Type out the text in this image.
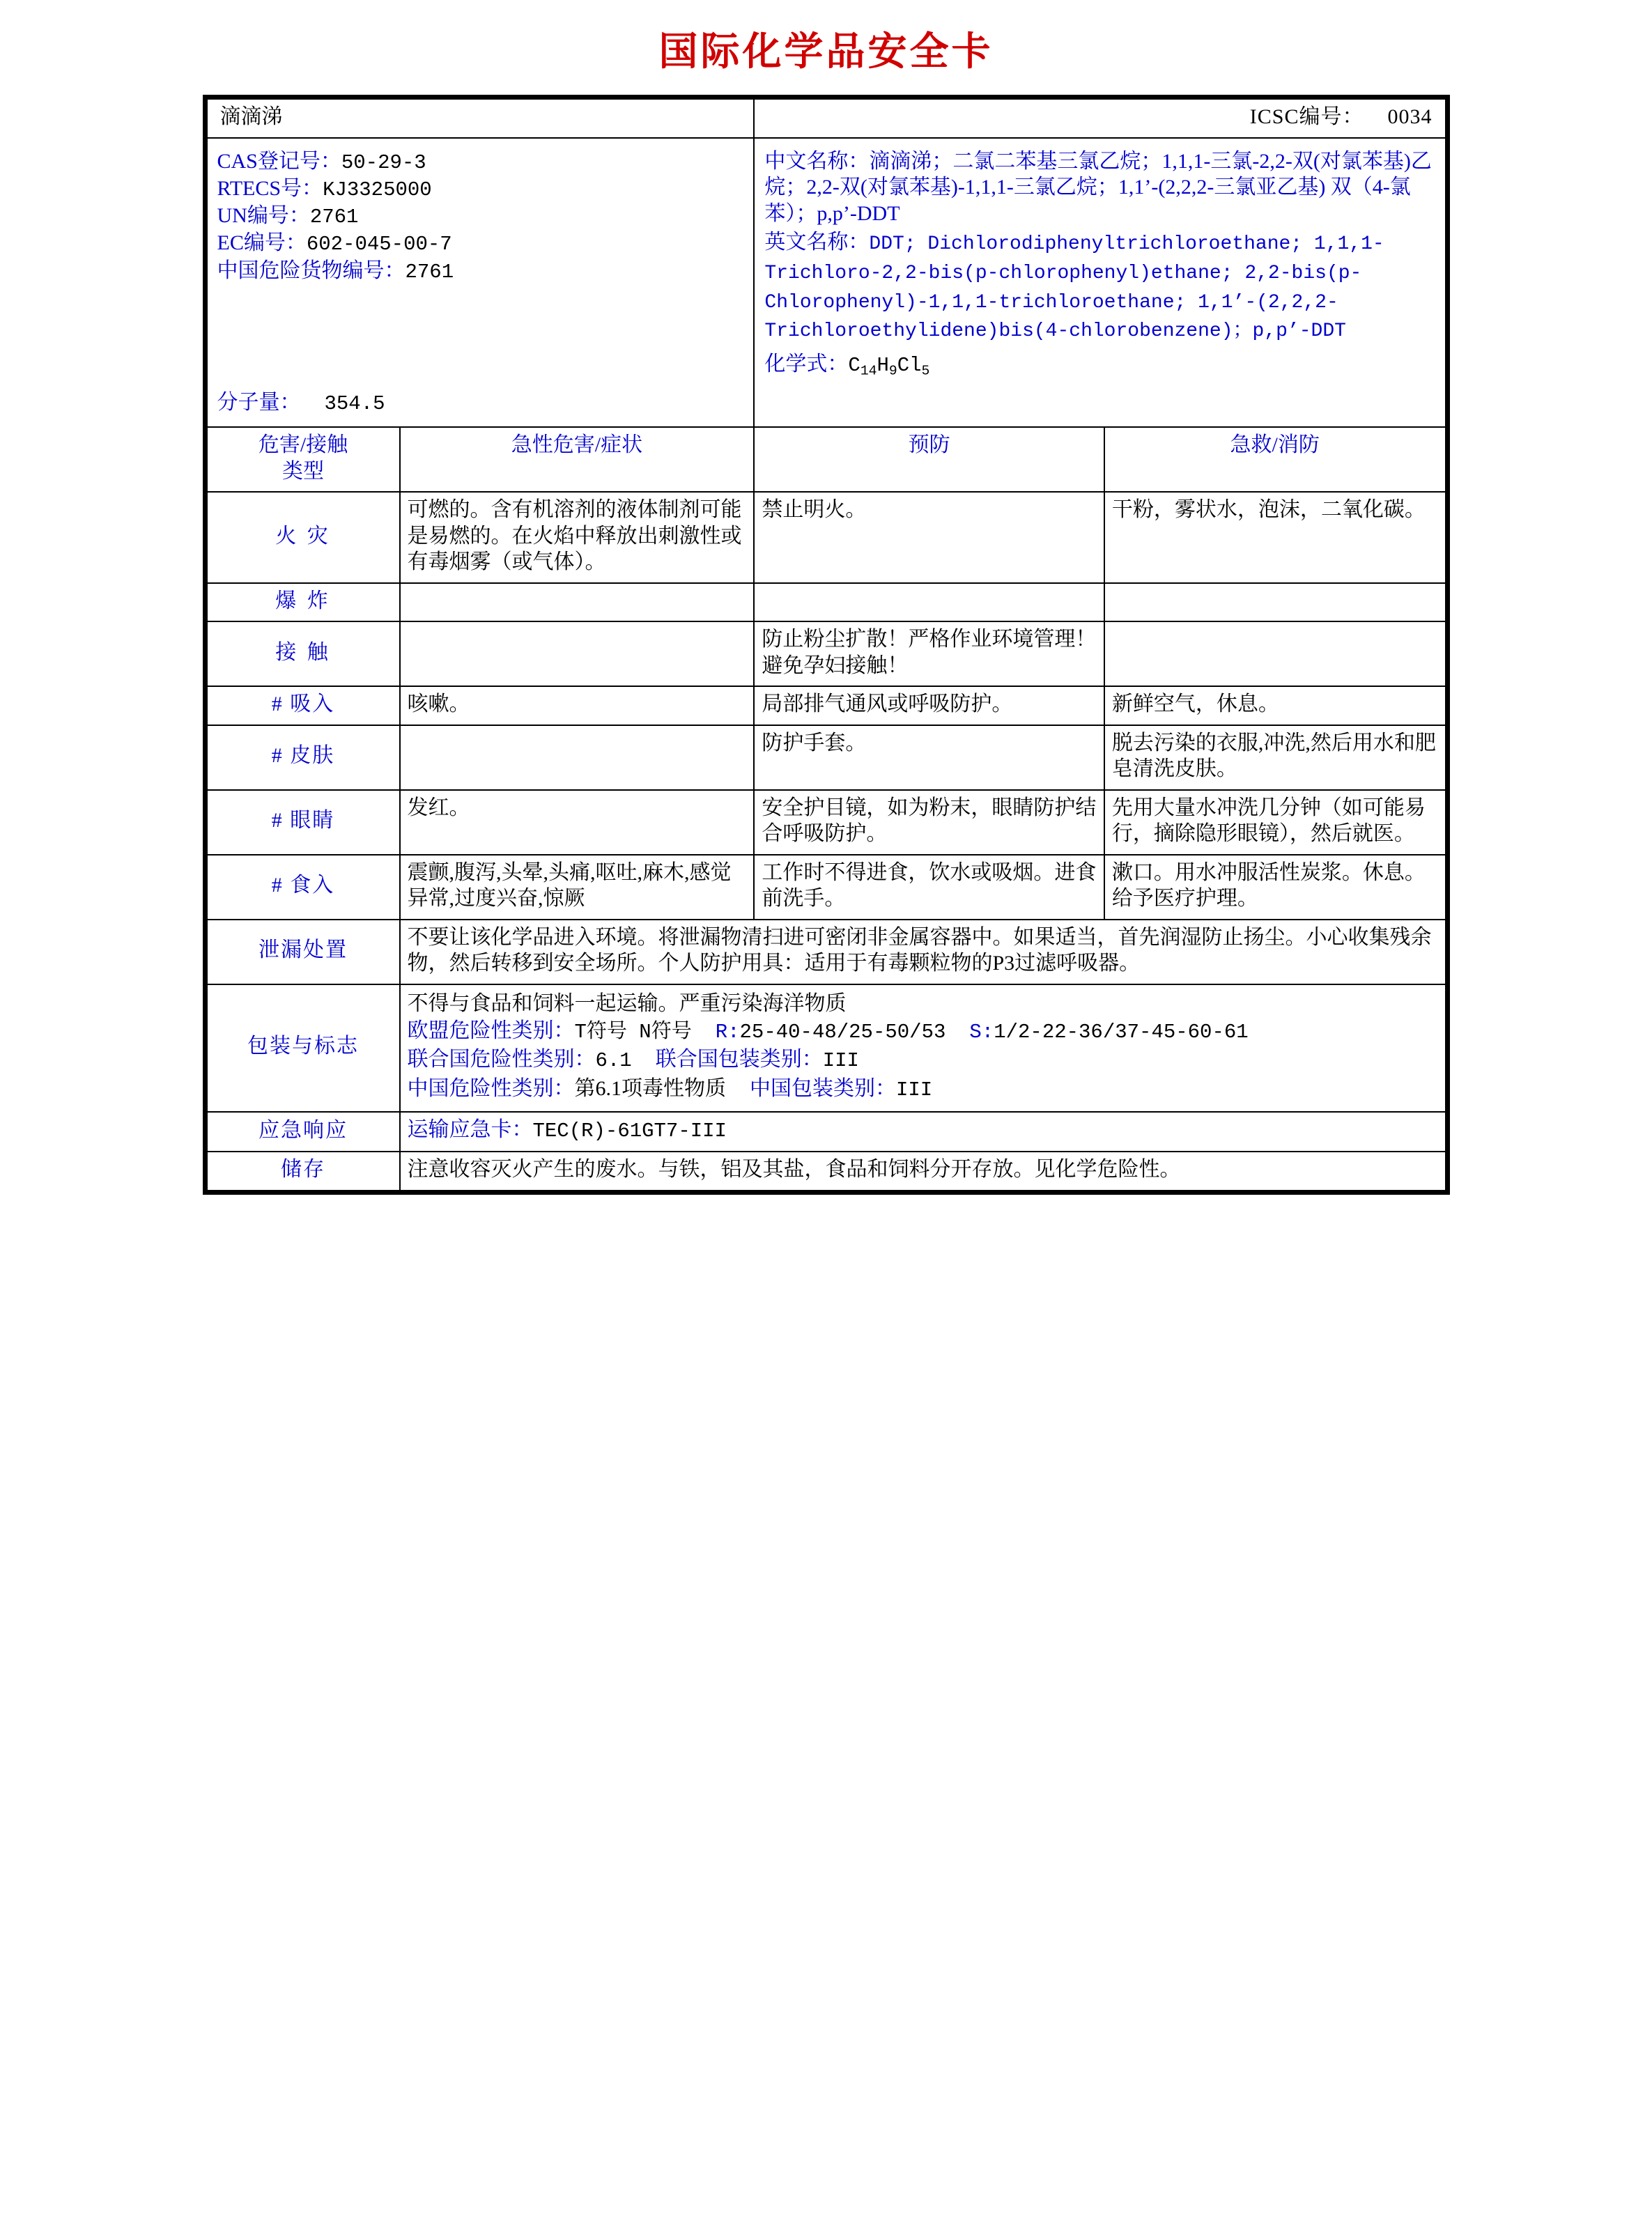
国际化学品安全卡
滴滴涕		ICSC编号： 0034	

CAS登记号：50-29-3
RTECS号：KJ3325000
UN编号：2761
EC编号：602-045-00-7
中国危险货物编号：2761
分子量： 354.5

中文名称：滴滴涕；二氯二苯基三氯乙烷；1,1,1-三氯-2,2-双(对氯苯基)乙烷；2,2-双(对氯苯基)-1,1,1-三氯乙烷；1,1’-(2,2,2-三氯亚乙基) 双（4-氯苯）；p,p’-DDT
英文名称：DDT; Dichlorodiphenyltrichloroethane; 1,1,1-Trichloro-2,2-bis(p-chlorophenyl)ethane; 2,2-bis(p-Chlorophenyl)-1,1,1-trichloroethane; 1,1’-(2,2,2-Trichloroethylidene)bis(4-chlorobenzene)；p,p’-DDT
化学式：$C_{14}H_9Cl_5$

危害/接触
类型	急性危害/症状	预防	急救/消防
火 灾	可燃的。含有机溶剂的液体制剂可能是易燃的。在火焰中释放出刺激性或有毒烟雾（或气体）。	禁止明火。	干粉，雾状水，泡沫，二氧化碳。
爆 炸			
接 触		防止粉尘扩散！严格作业环境管理！避免孕妇接触！	
# 吸入	咳嗽。	局部排气通风或呼吸防护。	新鲜空气，休息。
# 皮肤		防护手套。	脱去污染的衣服,冲洗,然后用水和肥皂清洗皮肤。
# 眼睛	发红。	安全护目镜，如为粉末，眼睛防护结合呼吸防护。	先用大量水冲洗几分钟（如可能易行，摘除隐形眼镜），然后就医。
# 食入	震颤,腹泻,头晕,头痛,呕吐,麻木,感觉异常,过度兴奋,惊厥	工作时不得进食，饮水或吸烟。进食前洗手。	漱口。用水冲服活性炭浆。休息。给予医疗护理。
泄漏处置	不要让该化学品进入环境。将泄漏物清扫进可密闭非金属容器中。如果适当，首先润湿防止扬尘。小心收集残余物，然后转移到安全场所。个人防护用具：适用于有毒颗粒物的P3过滤呼吸器。		
包装与标志	不得与食品和饲料一起运输。严重污染海洋物质
欧盟危险性类别：T符号 N符号 R:25-40-48/25-50/53 S:1/2-22-36/37-45-60-61
联合国危险性类别：6.1 联合国包装类别：III
中国危险性类别：第6.1项毒性物质 中国包装类别：III		

应急响应	运输应急卡：TEC(R)-61GT7-III		
储存	注意收容灭火产生的废水。与铁，铝及其盐，食品和饲料分开存放。见化学危险性。		
